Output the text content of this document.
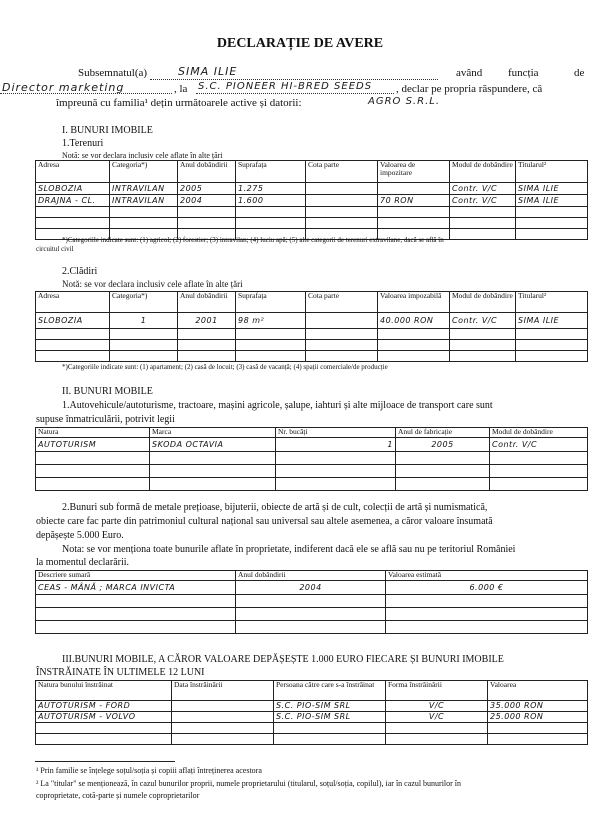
DECLARAȚIE DE AVERE
Subsemnatul(a)	SIMA ILIE	având funcția	de
Director marketing	, la S.C. PIONEER HI-BRED SEEDS , declar pe propria răspundere, că
împreună cu familia¹ dețin următoarele active și datorii:	AGRO S.R.L.
I. BUNURI IMOBILE
1.Terenuri
Notă: se vor declara inclusiv cele aflate în alte țări
Adresa	Categoria*)	Anul dobândirii	Suprafața	Cota parte	Valoarea de impozitare	Modul de dobândire	Titularul²
SLOBOZIA	INTRAVILAN	2005	1.275			Contr. V/C	SIMA ILIE
DRAJNA - CL.	INTRAVILAN	2004	1.600		70 RON	Contr. V/C	SIMA ILIE

*)Categoriile indicate sunt: (1) agricol; (2) forestier; (3) intravilan; (4) luciu apă; (5) alte categorii de terenuri extravilane, dacă se află în
circuitul civil
2.Clădiri
Notă: se vor declara inclusiv cele aflate în alte țări
Adresa	Categoria*)	Anul dobândirii	Suprafața	Cota parte	Valoarea impozabilă	Modul de dobândire	Titularul²
SLOBOZIA	1	2001	98 m²		40.000 RON	Contr. V/C	SIMA ILIE

*)Categoriile indicate sunt: (1) apartament; (2) casă de locuit; (3) casă de vacanță; (4) spații comerciale/de producție
II. BUNURI MOBILE
1.Autovehicule/autoturisme, tractoare, mașini agricole, șalupe, iahturi și alte mijloace de transport care sunt
supuse înmatriculării, potrivit legii
Natura	Marca	Nr. bucăți	Anul de fabricație	Modul de dobândire
AUTOTURISM	SKODA OCTAVIA	1	2005	Contr. V/C

2.Bunuri sub formă de metale prețioase, bijuterii, obiecte de artă și de cult, colecții de artă și numismatică,
obiecte care fac parte din patrimoniul cultural național sau universal sau altele asemenea, a căror valoare însumată
depășește 5.000 Euro.
Nota: se vor menționa toate bunurile aflate în proprietate, indiferent dacă ele se află sau nu pe teritoriul României
la momentul declarării.
Descriere sumară	Anul dobândirii	Valoarea estimată
CEAS - MÂNĂ ; MARCA INVICTA	2004	6.000 €

III.BUNURI MOBILE, A CĂROR VALOARE DEPĂȘEȘTE 1.000 EURO FIECARE ȘI BUNURI IMOBILE
ÎNSTRĂINATE ÎN ULTIMELE 12 LUNI
Natura bunului înstrăinat	Data înstrăinării	Persoana către care s-a înstrăinat	Forma înstrăinării	Valoarea
AUTOTURISM - FORD		S.C. PIO-SIM SRL	V/C	35.000 RON
AUTOTURISM - VOLVO		S.C. PIO-SIM SRL	V/C	25.000 RON

¹ Prin familie se înțelege soțul/soția și copiii aflați întreținerea acestora
² La "titular" se menționează, în cazul bunurilor proprii, numele proprietarului (titularul, soțul/soția, copilul), iar în cazul bunurilor în
coproprietate, cotă-parte și numele coproprietarilor
